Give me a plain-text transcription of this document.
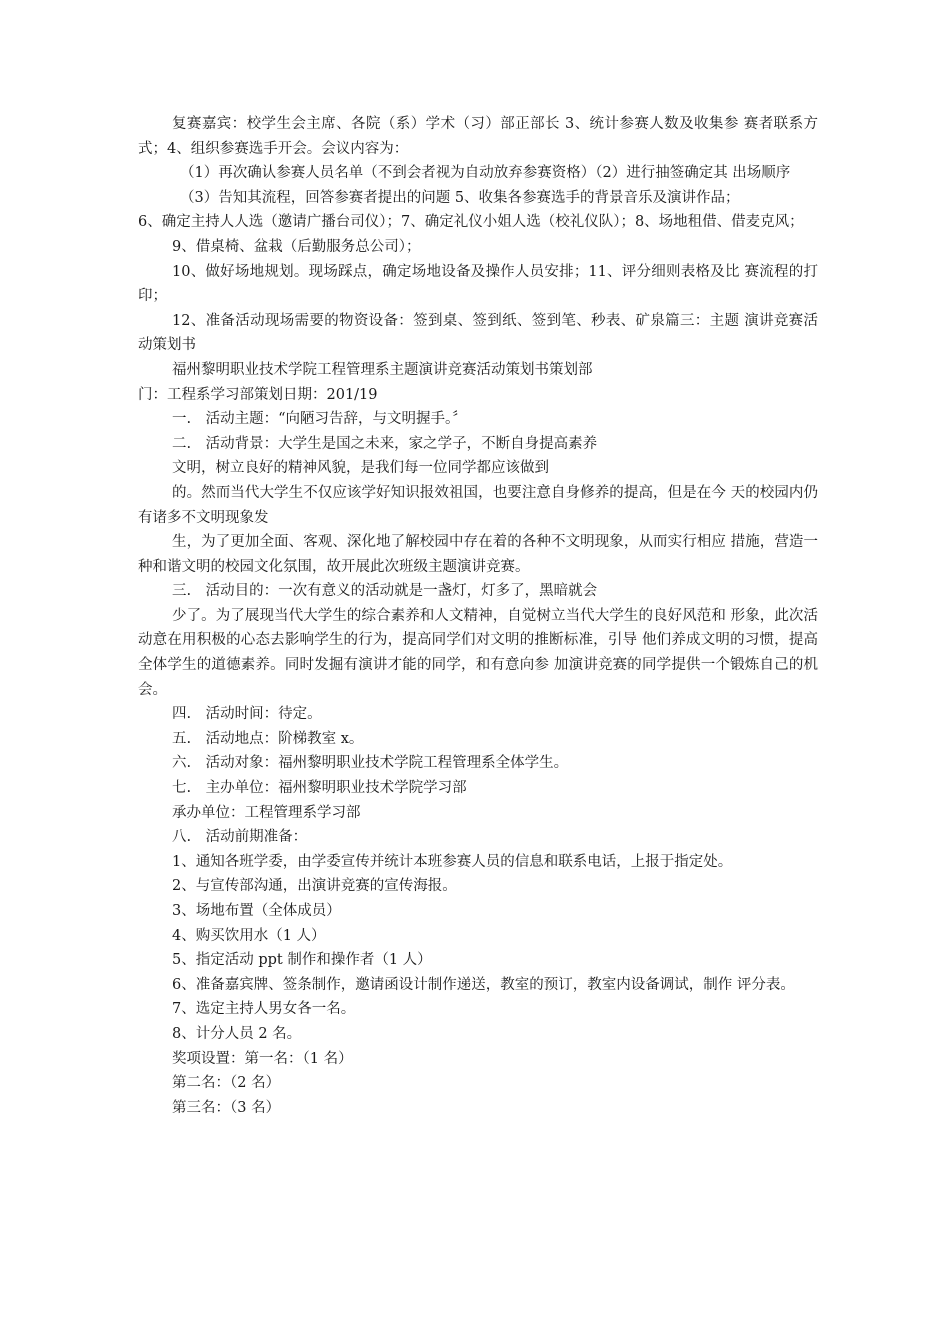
复赛嘉宾：校学生会主席、各院（系）学术（习）部正部长 3、统计参赛人数及收集参 赛者联系方式；4、组织参赛选手开会。会议内容为：

（1）再次确认参赛人员名单（不到会者视为自动放弃参赛资格）（2）进行抽签确定其 出场顺序

（3）告知其流程，回答参赛者提出的问题 5、收集各参赛选手的背景音乐及演讲作品；

6、确定主持人人选（邀请广播台司仪）；7、确定礼仪小姐人选（校礼仪队）；8、场地租借、借麦克风；

9、借桌椅、盆栽（后勤服务总公司）；

10、做好场地规划。现场踩点，确定场地设备及操作人员安排；11、评分细则表格及比 赛流程的打印；

12、准备活动现场需要的物资设备：签到桌、签到纸、签到笔、秒表、矿泉篇三：主题 演讲竞赛活动策划书

福州黎明职业技术学院工程管理系主题演讲竞赛活动策划书策划部

门：工程系学习部策划日期：201/19

一.　活动主题：“向陋习告辞，与文明握手。〞

二.　活动背景：大学生是国之未来，家之学子，不断自身提高素养

文明，树立良好的精神风貌，是我们每一位同学都应该做到

的。然而当代大学生不仅应该学好知识报效祖国，也要注意自身修养的提高，但是在今 天的校园内仍有诸多不文明现象发

生，为了更加全面、客观、深化地了解校园中存在着的各种不文明现象，从而实行相应 措施，营造一种和谐文明的校园文化氛围，故开展此次班级主题演讲竞赛。

三.　活动目的：一次有意义的活动就是一盏灯，灯多了，黑暗就会

少了。为了展现当代大学生的综合素养和人文精神，自觉树立当代大学生的良好风范和 形象，此次活动意在用积极的心态去影响学生的行为，提高同学们对文明的推断标准，引导 他们养成文明的习惯，提高全体学生的道德素养。同时发掘有演讲才能的同学，和有意向参 加演讲竞赛的同学提供一个锻炼自己的机会。

四.　活动时间：待定。

五.　活动地点：阶梯教室 x。

六.　活动对象：福州黎明职业技术学院工程管理系全体学生。

七.　主办单位：福州黎明职业技术学院学习部

承办单位：工程管理系学习部

八.　活动前期准备：

1、通知各班学委，由学委宣传并统计本班参赛人员的信息和联系电话，上报于指定处。

2、与宣传部沟通，出演讲竞赛的宣传海报。

3、场地布置（全体成员）

4、购买饮用水（1 人）

5、指定活动 ppt 制作和操作者（1 人）

6、准备嘉宾牌、签条制作，邀请函设计制作递送，教室的预订，教室内设备调试，制作 评分表。

7、选定主持人男女各一名。

8、计分人员 2 名。

奖项设置：第一名：（1 名）

第二名：（2 名）

第三名：（3 名）
